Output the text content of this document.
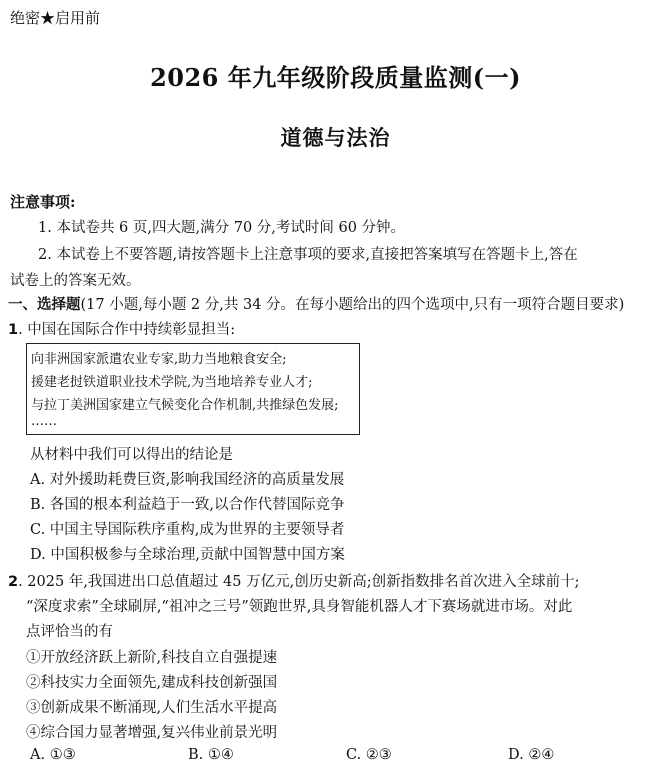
绝密★启用前
2026 年九年级阶段质量监测(一)
道德与法治
注意事项:
1. 本试卷共 6 页,四大题,满分 70 分,考试时间 60 分钟。
2. 本试卷上不要答题,请按答题卡上注意事项的要求,直接把答案填写在答题卡上,答在
试卷上的答案无效。
一、选择题(17 小题,每小题 2 分,共 34 分。在每小题给出的四个选项中,只有一项符合题目要求)
1. 中国在国际合作中持续彰显担当:
向非洲国家派遣农业专家,助力当地粮食安全;
援建老挝铁道职业技术学院,为当地培养专业人才;
与拉丁美洲国家建立气候变化合作机制,共推绿色发展;
……
从材料中我们可以得出的结论是
A. 对外援助耗费巨资,影响我国经济的高质量发展
B. 各国的根本利益趋于一致,以合作代替国际竞争
C. 中国主导国际秩序重构,成为世界的主要领导者
D. 中国积极参与全球治理,贡献中国智慧中国方案
2. 2025 年,我国进出口总值超过 45 万亿元,创历史新高;创新指数排名首次进入全球前十;
“深度求索”全球刷屏,“祖冲之三号”领跑世界,具身智能机器人才下赛场就进市场。对此
点评恰当的有
①开放经济跃上新阶,科技自立自强提速
②科技实力全面领先,建成科技创新强国
③创新成果不断涌现,人们生活水平提高
④综合国力显著增强,复兴伟业前景光明
A. ①③	B. ①④	C. ②③	D. ②④
